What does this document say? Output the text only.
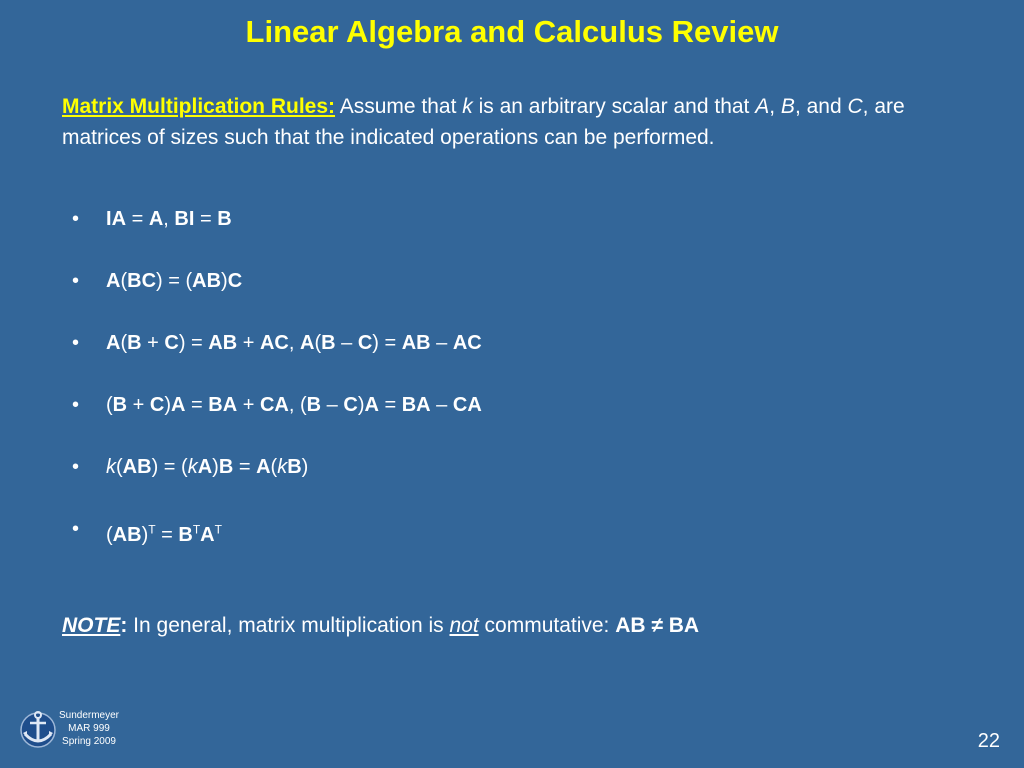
Linear Algebra and Calculus Review
Matrix Multiplication Rules: Assume that k is an arbitrary scalar and that A, B, and C, are matrices of sizes such that the indicated operations can be performed.
• IA = A, BI = B
• A(BC) = (AB)C
• A(B + C) = AB + AC, A(B – C) = AB – AC
• (B + C)A = BA + CA, (B – C)A = BA – CA
• k(AB) = (kA)B = A(kB)
• $(AB)^T = B^TA^T$
NOTE: In general, matrix multiplication is not commutative: AB ≠ BA
Sundermeyer
MAR 999
Spring 2009	22
